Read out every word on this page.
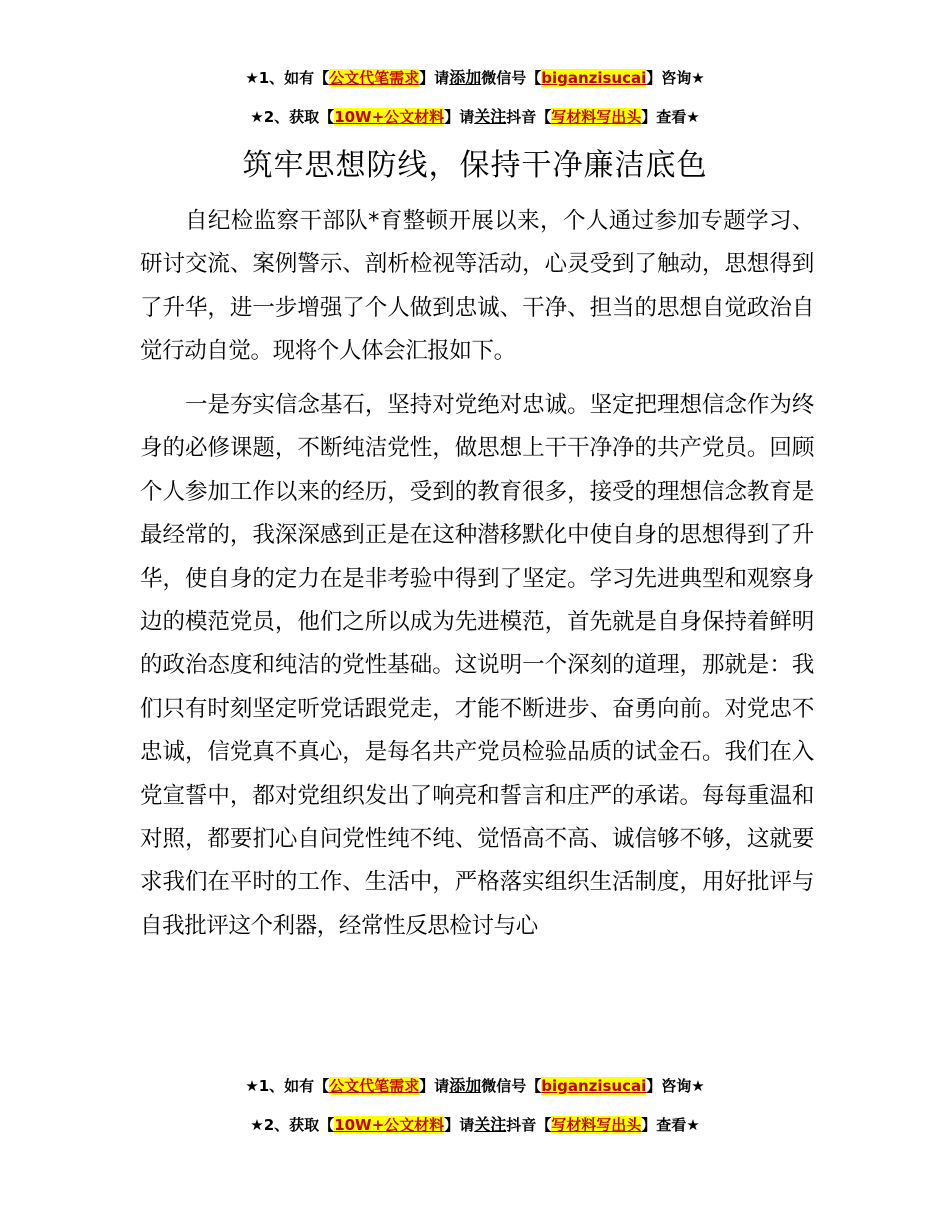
★1、如有【公文代笔需求】请添加微信号【biganzisucai】咨询★
★2、获取【10W+公文材料】请关注抖音【写材料写出头】查看★
筑牢思想防线，保持干净廉洁底色

自纪检监察干部队*育整顿开展以来，个人通过参加专题学习、研讨交流、案例警示、剖析检视等活动，心灵受到了触动，思想得到了升华，进一步增强了个人做到忠诚、干净、担当的思想自觉政治自觉行动自觉。现将个人体会汇报如下。

一是夯实信念基石，坚持对党绝对忠诚。坚定把理想信念作为终身的必修课题，不断纯洁党性，做思想上干干净净的共产党员。回顾个人参加工作以来的经历，受到的教育很多，接受的理想信念教育是最经常的，我深深感到正是在这种潜移默化中使自身的思想得到了升华，使自身的定力在是非考验中得到了坚定。学习先进典型和观察身边的模范党员，他们之所以成为先进模范，首先就是自身保持着鲜明的政治态度和纯洁的党性基础。这说明一个深刻的道理，那就是：我们只有时刻坚定听党话跟党走，才能不断进步、奋勇向前。对党忠不忠诚，信党真不真心，是每名共产党员检验品质的试金石。我们在入党宣誓中，都对党组织发出了响亮和誓言和庄严的承诺。每每重温和对照，都要扪心自问党性纯不纯、觉悟高不高、诚信够不够，这就要求我们在平时的工作、生活中，严格落实组织生活制度，用好批评与自我批评这个利器，经常性反思检讨与心

★1、如有【公文代笔需求】请添加微信号【biganzisucai】咨询★
★2、获取【10W+公文材料】请关注抖音【写材料写出头】查看★
